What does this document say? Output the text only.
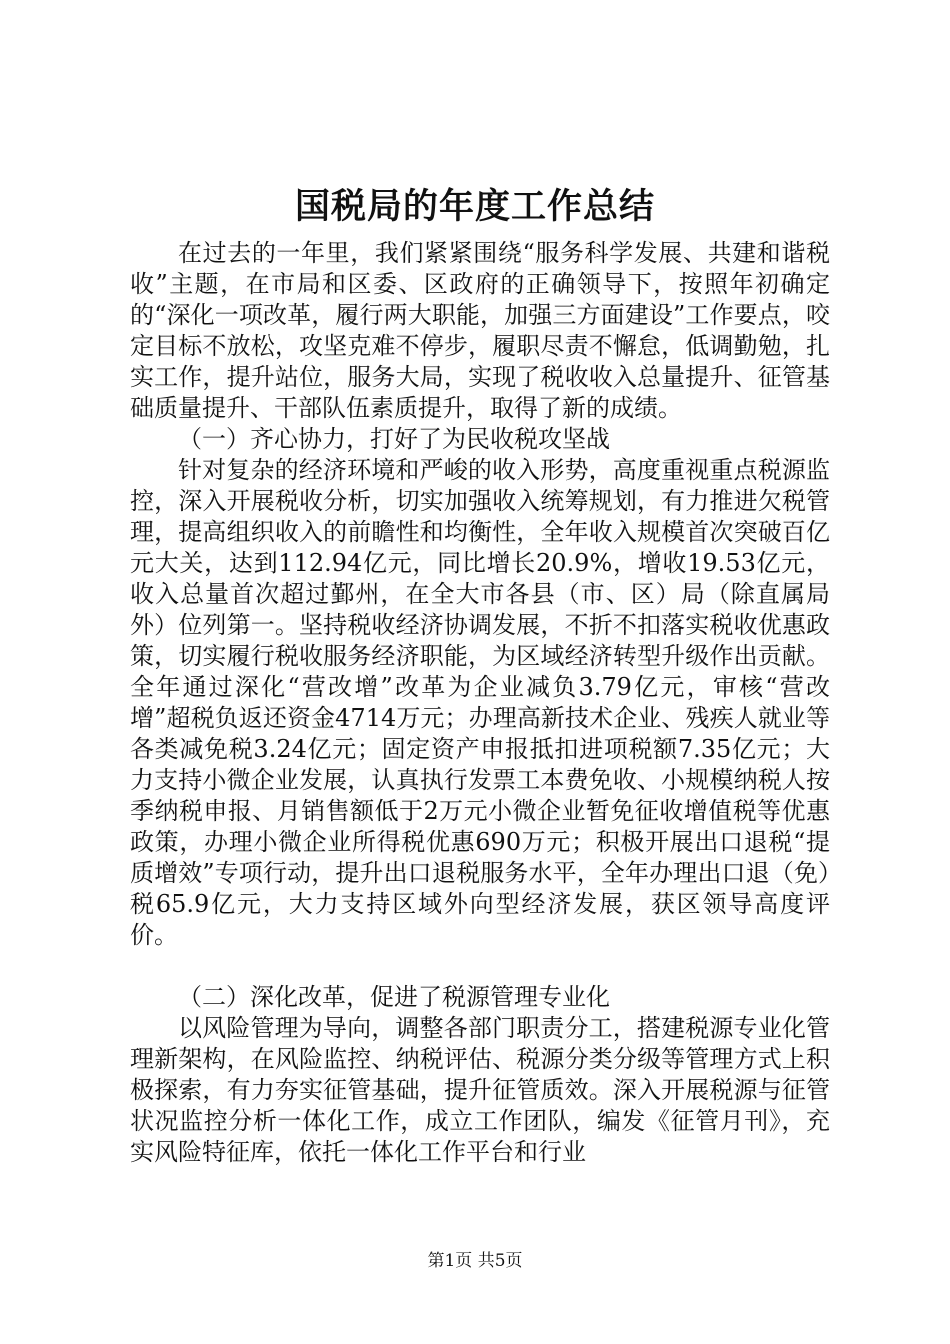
国税局的年度工作总结

在过去的一年里，我们紧紧围绕“服务科学发展、共建和谐税收”主题，在市局和区委、区政府的正确领导下，按照年初确定的“深化一项改革，履行两大职能，加强三方面建设”工作要点，咬定目标不放松，攻坚克难不停步，履职尽责不懈怠，低调勤勉，扎实工作，提升站位，服务大局，实现了税收收入总量提升、征管基础质量提升、干部队伍素质提升，取得了新的成绩。

（一）齐心协力，打好了为民收税攻坚战

针对复杂的经济环境和严峻的收入形势，高度重视重点税源监控，深入开展税收分析，切实加强收入统筹规划，有力推进欠税管理，提高组织收入的前瞻性和均衡性，全年收入规模首次突破百亿元大关，达到112.94亿元，同比增长20.9%，增收19.53亿元，收入总量首次超过鄞州，在全大市各县（市、区）局（除直属局外）位列第一。坚持税收经济协调发展，不折不扣落实税收优惠政策，切实履行税收服务经济职能，为区域经济转型升级作出贡献。全年通过深化“营改增”改革为企业减负3.79亿元，审核“营改增”超税负返还资金4714万元；办理高新技术企业、残疾人就业等各类减免税3.24亿元；固定资产申报抵扣进项税额7.35亿元；大力支持小微企业发展，认真执行发票工本费免收、小规模纳税人按季纳税申报、月销售额低于2万元小微企业暂免征收增值税等优惠政策，办理小微企业所得税优惠690万元；积极开展出口退税“提质增效”专项行动，提升出口退税服务水平，全年办理出口退（免）税65.9亿元，大力支持区域外向型经济发展，获区领导高度评价。

（二）深化改革，促进了税源管理专业化

以风险管理为导向，调整各部门职责分工，搭建税源专业化管理新架构，在风险监控、纳税评估、税源分类分级等管理方式上积极探索，有力夯实征管基础，提升征管质效。深入开展税源与征管状况监控分析一体化工作，成立工作团队，编发《征管月刊》，充实风险特征库，依托一体化工作平台和行业

第1页 共5页
